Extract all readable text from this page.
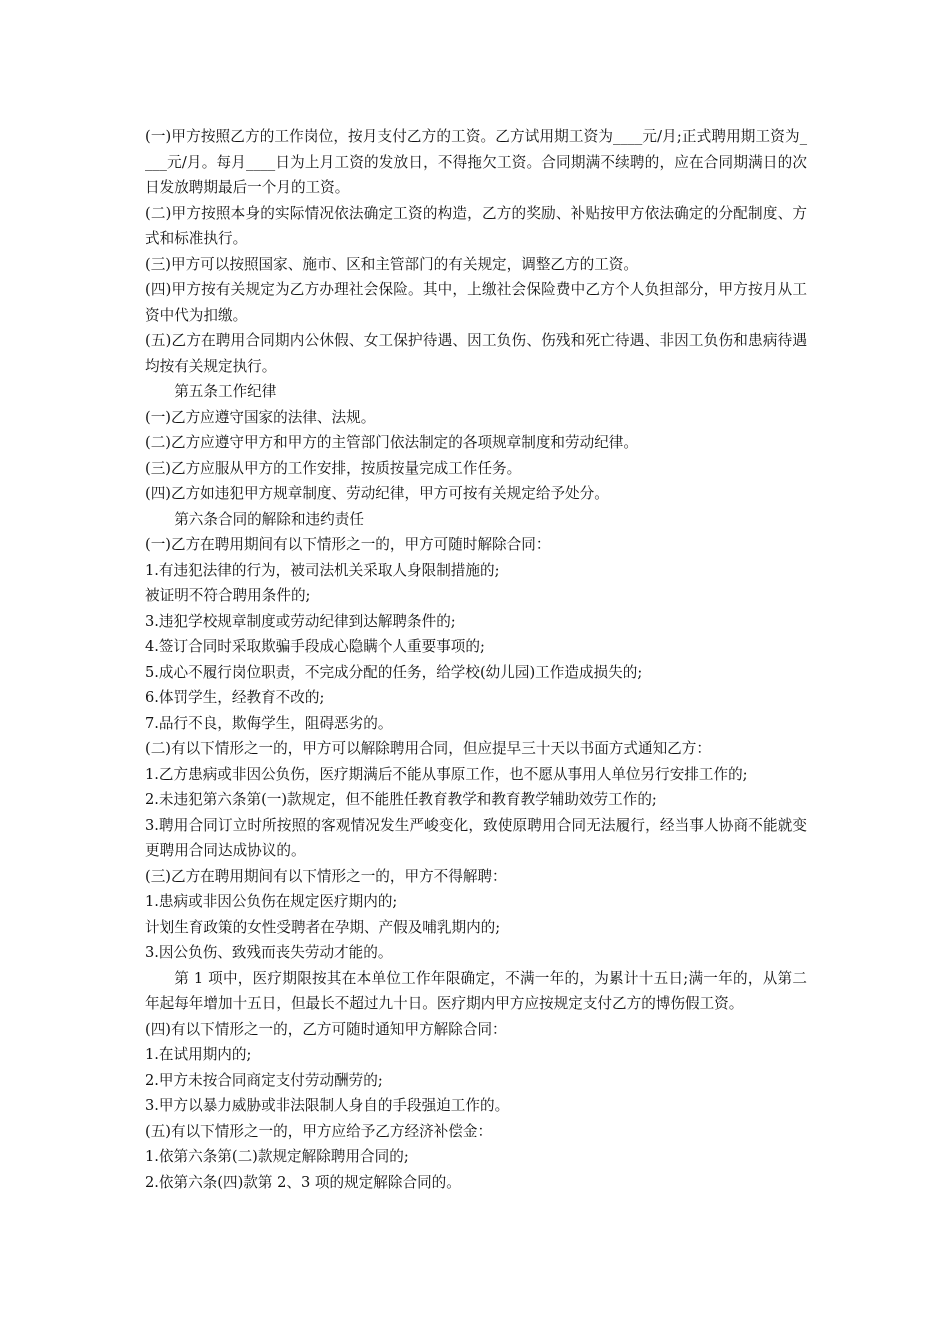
(一)甲方按照乙方的工作岗位，按月支付乙方的工资。乙方试用期工资为____元/月;正式聘用期工资为____元/月。每月____日为上月工资的发放日，不得拖欠工资。合同期满不续聘的，应在合同期满日的次日发放聘期最后一个月的工资。

(二)甲方按照本身的实际情况依法确定工资的构造，乙方的奖励、补贴按甲方依法确定的分配制度、方式和标准执行。

(三)甲方可以按照国家、施市、区和主管部门的有关规定，调整乙方的工资。

(四)甲方按有关规定为乙方办理社会保险。其中，上缴社会保险费中乙方个人负担部分，甲方按月从工资中代为扣缴。

(五)乙方在聘用合同期内公休假、女工保护待遇、因工负伤、伤残和死亡待遇、非因工负伤和患病待遇均按有关规定执行。

第五条工作纪律

(一)乙方应遵守国家的法律、法规。

(二)乙方应遵守甲方和甲方的主管部门依法制定的各项规章制度和劳动纪律。

(三)乙方应服从甲方的工作安排，按质按量完成工作任务。

(四)乙方如违犯甲方规章制度、劳动纪律，甲方可按有关规定给予处分。

第六条合同的解除和违约责任

(一)乙方在聘用期间有以下情形之一的，甲方可随时解除合同：

1.有违犯法律的行为，被司法机关采取人身限制措施的;

被证明不符合聘用条件的;

3.违犯学校规章制度或劳动纪律到达解聘条件的;

4.签订合同时采取欺骗手段成心隐瞒个人重要事项的;

5.成心不履行岗位职责，不完成分配的任务，给学校(幼儿园)工作造成损失的;

6.体罚学生，经教育不改的;

7.品行不良，欺侮学生，阻碍恶劣的。

(二)有以下情形之一的，甲方可以解除聘用合同，但应提早三十天以书面方式通知乙方：

1.乙方患病或非因公负伤，医疗期满后不能从事原工作，也不愿从事用人单位另行安排工作的;

2.未违犯第六条第(一)款规定，但不能胜任教育教学和教育教学辅助效劳工作的;

3.聘用合同订立时所按照的客观情况发生严峻变化，致使原聘用合同无法履行，经当事人协商不能就变更聘用合同达成协议的。

(三)乙方在聘用期间有以下情形之一的，甲方不得解聘：

1.患病或非因公负伤在规定医疗期内的;

计划生育政策的女性受聘者在孕期、产假及哺乳期内的;

3.因公负伤、致残而丧失劳动才能的。

第 1 项中，医疗期限按其在本单位工作年限确定，不满一年的，为累计十五日;满一年的，从第二年起每年增加十五日，但最长不超过九十日。医疗期内甲方应按规定支付乙方的博伤假工资。

(四)有以下情形之一的，乙方可随时通知甲方解除合同：

1.在试用期内的;

2.甲方未按合同商定支付劳动酬劳的;

3.甲方以暴力威胁或非法限制人身自的手段强迫工作的。

(五)有以下情形之一的，甲方应给予乙方经济补偿金：

1.依第六条第(二)款规定解除聘用合同的;

2.依第六条(四)款第 2、3 项的规定解除合同的。
